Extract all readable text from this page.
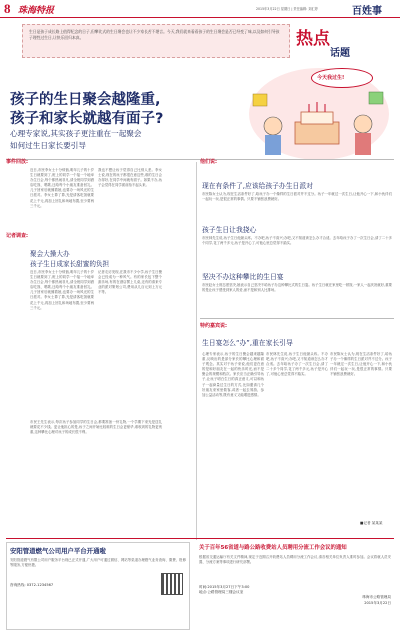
8 珠海特报	2015年3月22日 星期日 | 责任编辑: 刘汇婷	百姓事
生日是孩子成长路上值得纪念的日子,但攀比式的生日聚会也让不少家长苦不堪言。今天,我们就来看看孩子的生日聚会是否已经变了味,以及如何引导孩子理性过生日,让快乐回归本真。	热点
话题
孩子的生日聚会越隆重,
孩子和家长就越有面子?
心理专家说,其实孩子更注重在一起聚会
如何过生日家长要引导
今天我过生!
事件回放:
近日,市民李女士十分烦恼,明年儿子的十岁生日就要到了,班上的同学一个接一个地举办生日会,每个都热闹非凡,请全班同学到酒店吃饭、唱歌,还给每个小朋友准备回礼。儿子回家后就缠着她,也要办一场风光的生日派对。李女士算了算,光是请客吃饭就要花上千元,再加上回礼和场地布置,至少要两三千元。
我也不想让孩子觉得自己比别人差。李女士说,现在的孩子都很在意这些,谁的生日会办得好,在同学中间就有面子。如果不办,孩子会觉得在同学面前抬不起头来。
记者调查:
聚会大操大办
孩子生日成家长甜蜜的负担
近日,市民李女士十分烦恼,明年儿子的十岁生日就要到了,班上的同学一个接一个地举办生日会,每个都热闹非凡,请全班同学到酒店吃饭、唱歌,还给每个小朋友准备回礼。儿子回家后就缠着她,也要办一场风光的生日派对。李女士算了算,光是请客吃饭就要花上千元,再加上回礼和场地布置,至少要两三千元。
记者走访发现,在我市不少小学,孩子生日聚会已经成为一种风气。有的家长包下整个游乐场,有的在酒店摆上几桌,还有的请来专业的派对策划公司,费用从几百元到上万元不等。
市民王先生表示,每次孩子参加同学的生日会,都要准备一份礼物,一个学期下来光是送礼就要花不少钱。更让他担心的是,孩子之间开始比较谁的生日会更豪华,谁收到的礼物更贵重,这种攀比心理对孩子的成长很不利。
他们说:
现在有条件了,应该给孩子办生日派对
市民陈女士认为,现在生活条件好了,给孩子办一个像样的生日派对并不过分。孩子一年就过一次生日,让他开心一下,和小伙伴们一起玩一玩,是很正常的事情。只要不铺张浪费就好。
孩子生日让我挠心
市民林先生说,孩子生日他最头疼。不办吧,孩子不高兴;办吧,又不知道该怎么办才合适。去年给孩子办了一次生日会,请了二十多个同学,花了两千多元,孩子是开心了,可他心里总觉得不踏实。
坚决不办这种攀比的生日宴
市民赵女士则态度坚决,她表示自己坚决不给孩子办这种攀比式的生日宴。孩子生日就在家里吃一顿饭,一家人一起庆祝就好,重要的是让孩子感受到家人的爱,而不是和别人比排场。
特约嘉宾说:
生日宴怎么“办”,重在家长引导
心理专家表示,孩子的生日聚会越来越隆重,反映出的是部分家长的攀比心理和面子观念。其实对于孩子来说,他们更在意的是和好朋友在一起的快乐时光,而不是聚会的规模和档次。家长应当正确引导孩子,让孩子明白生日的真正意义,可以和孩子一起商量过生日的方式,比如邀请几个好朋友来家里做客,或者一起去郊游、参加公益活动等,既有意义又能增进感情。
市民林先生说,孩子生日他最头疼。不办吧,孩子不高兴;办吧,又不知道该怎么办才合适。去年给孩子办了一次生日会,请了二十多个同学,花了两千多元,孩子是开心了,可他心里总觉得不踏实。
市民陈女士认为,现在生活条件好了,给孩子办一个像样的生日派对并不过分。孩子一年就过一次生日,让他开心一下,和小伙伴们一起玩一玩,是很正常的事情。只要不铺张浪费就好。
■记者 某某某
安阳管道燃气公司用户平台开通啦
安阳管道燃气有限公司用户服务平台现已正式开通,广大用户可通过微信、网站等渠道办理燃气业务查询、缴费、报修等服务,方便快捷。
咨询热线: 0372-1234567
关于百年56省道与路公路收费站人员聘用分流工作会议的通知
根据省交通运输厅有关文件精神,现定于近期召开收费站人员聘用分流工作会议,请各相关单位负责人准时参加。会议将就人员安置、分流方案等事项进行研究部署。
时间:2015年3月27日下午3:00
地点:公路管理局三楼会议室
珠海市公路管理局
2015年3月22日
